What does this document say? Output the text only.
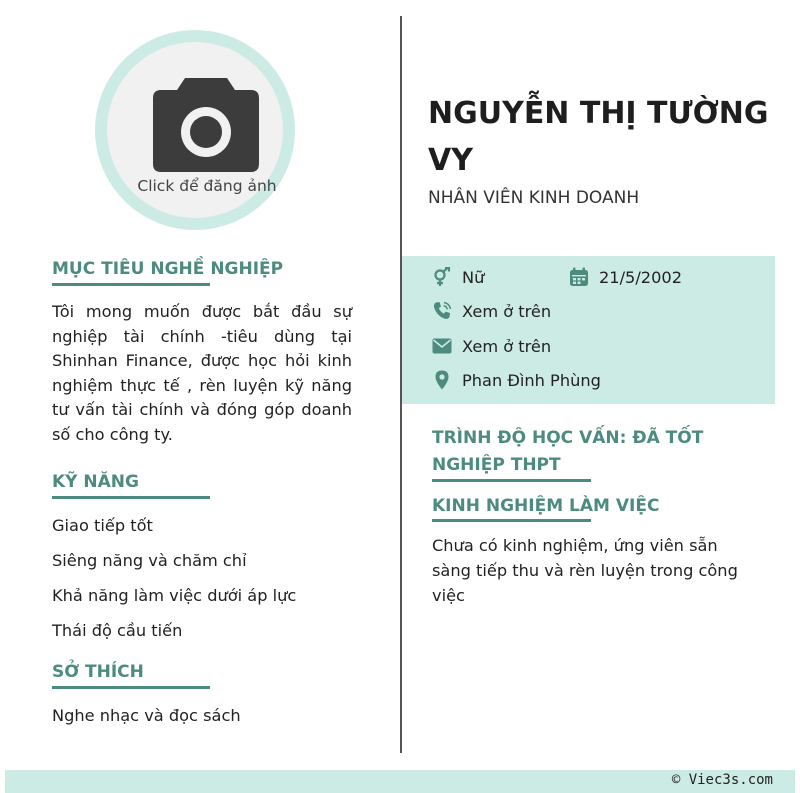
Click để đăng ảnh
MỤC TIÊU NGHỀ NGHIỆP

Tôi mong muốn được bắt đầu sự nghiệp tài chính -tiêu dùng tại Shinhan Finance, được học hỏi kinh nghiệm thực tế , rèn luyện kỹ năng tư vấn tài chính và đóng góp doanh số cho công ty.

KỸ NĂNG
Giao tiếp tốt
Siêng năng và chăm chỉ
Khả năng làm việc dưới áp lực
Thái độ cầu tiến
SỞ THÍCH
Nghe nhạc và đọc sách
NGUYỄN THỊ TƯỜNG VY
NHÂN VIÊN KINH DOANH
Nữ	21/5/2002
Xem ở trên
Xem ở trên
Phan Đình Phùng
TRÌNH ĐỘ HỌC VẤN: ĐÃ TỐT NGHIỆP THPT
KINH NGHIỆM LÀM VIỆC

Chưa có kinh nghiệm, ứng viên sẵn sàng tiếp thu và rèn luyện trong công việc

© Viec3s.com
